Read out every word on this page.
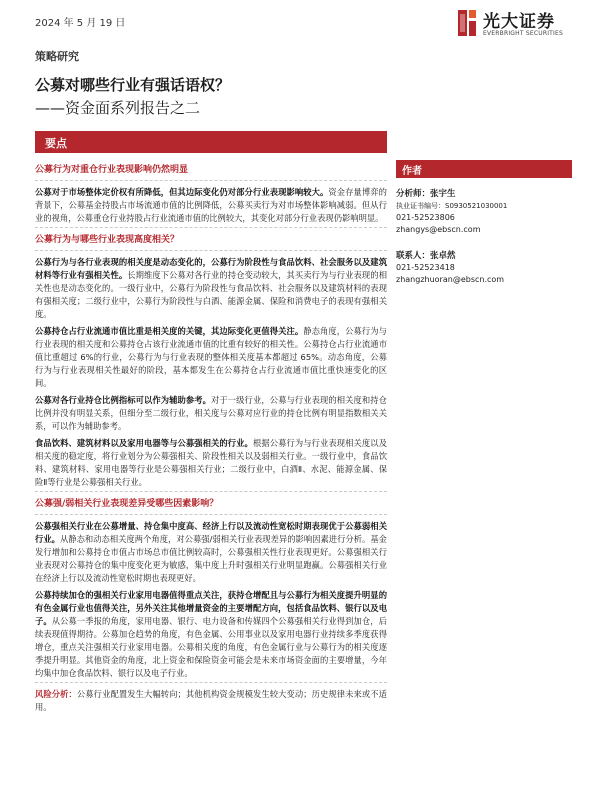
2024 年 5 月 19 日	光大证券
EVERBRIGHT SECURITIES
策略研究
公募对哪些行业有强话语权？
——资金面系列报告之二
要点
作者
公募行为对重仓行业表现影响仍然明显
公募对于市场整体定价权有所降低，但其边际变化仍对部分行业表现影响较大。资金存量博弈的背景下，公募基金持股占市场流通市值的比例降低，公募买卖行为对市场整体影响减弱。但从行业的视角，公募重仓行业持股占行业流通市值的比例较大，其变化对部分行业表现仍影响明显。
公募行为与哪些行业表现高度相关？
公募行为与各行业表现的相关度是动态变化的，公募行为阶段性与食品饮料、社会服务以及建筑材料等行业有强相关性。长期维度下公募对各行业的持仓变动较大，其买卖行为与行业表现的相关性也是动态变化的。一级行业中，公募行为阶段性与食品饮料、社会服务以及建筑材料的表现有强相关度；二级行业中，公募行为阶段性与白酒、能源金属、保险和消费电子的表现有强相关度。
公募持仓占行业流通市值比重是相关度的关键，其边际变化更值得关注。静态角度，公募行为与行业表现的相关度和公募持仓占该行业流通市值的比重有较好的相关性。公募持仓占行业流通市值比重超过 6%的行业，公募行为与行业表现的整体相关度基本都超过 65%。动态角度，公募行为与行业表现相关性最好的阶段，基本都发生在公募持仓占行业流通市值比重快速变化的区间。
公募对各行业持仓比例指标可以作为辅助参考。对于一级行业，公募与行业表现的相关度和持仓比例并没有明显关系，但细分至二级行业，相关度与公募对应行业的持仓比例有明显指数相关关系，可以作为辅助参考。
食品饮料、建筑材料以及家用电器等与公募强相关的行业。根据公募行为与行业表现相关度以及相关度的稳定度，将行业划分为公募强相关、阶段性相关以及弱相关行业。一级行业中，食品饮料、建筑材料、家用电器等行业是公募强相关行业；二级行业中，白酒Ⅱ、水泥、能源金属、保险Ⅱ等行业是公募强相关行业。
公募强/弱相关行业表现差异受哪些因素影响？
公募强相关行业在公募增量、持仓集中度高、经济上行以及流动性宽松时期表现优于公募弱相关行业。从静态和动态相关度两个角度，对公募强/弱相关行业表现差异的影响因素进行分析。基金发行增加和公募持仓市值占市场总市值比例较高时，公募强相关性行业表现更好。公募强相关行业表现对公募持仓的集中度变化更为敏感，集中度上升时强相关行业明显跑赢。公募强相关行业在经济上行以及流动性宽松时期也表现更好。
公募持续加仓的强相关行业家用电器值得重点关注，获持仓增配且与公募行为相关度提升明显的有色金属行业也值得关注，另外关注其他增量资金的主要增配方向，包括食品饮料、银行以及电子。从公募一季报的角度，家用电器、银行、电力设备和传媒四个公募强相关行业得到加仓，后续表现值得期待。公募加仓趋势的角度，有色金属、公用事业以及家用电器行业持续多季度获得增仓，重点关注强相关行业家用电器。公募相关度的角度，有色金属行业与公募行为的相关度逐季提升明显。其他资金的角度，北上资金和保险资金可能会是未来市场资金面的主要增量，今年均集中加仓食品饮料、银行以及电子行业。
风险分析：公募行业配置发生大幅转向；其他机构资金规模发生较大变动；历史规律未来或不适用。
分析师：张宇生
执业证书编号：S0930521030001
021-52523806
zhangys@ebscn.com
联系人：张卓然
021-52523418
zhangzhuoran@ebscn.com
